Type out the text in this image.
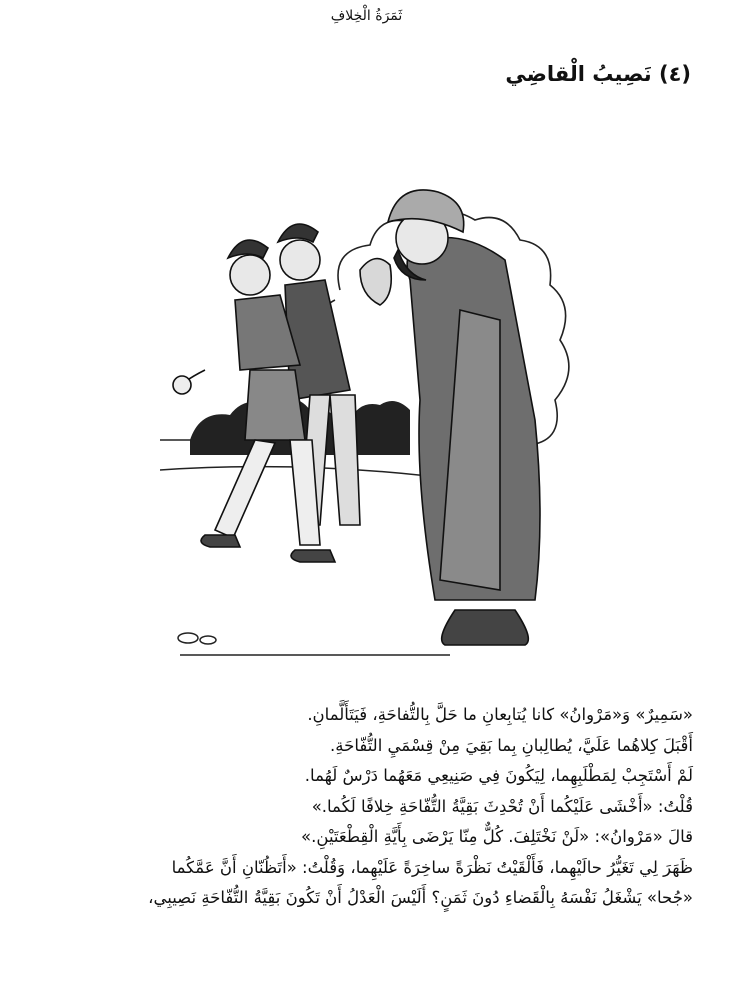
ثَمَرَةُ الْخِلافِ
(٤) نَصِيبُ الْقاضِي

«سَمِيرٌ» وَ«مَرْوانُ» كانا يُتابِعانِ ما حَلَّ بِالتُّفاحَةِ، فَيَتَأَلَّمانِ.

أَقْبَلَ كِلاهُما عَلَيَّ، يُطالِبانِ بِما بَقِيَ مِنْ قِسْمَيِ التُّفّاحَةِ.

لَمْ أَسْتَجِبْ لِمَطْلَبِهِما، لِيَكُونَ فِي صَنِيعِي مَعَهُما دَرْسٌ لَهُما.

قُلْتُ: «أَخْشَى عَلَيْكُما أَنْ تُحْدِثَ بَقِيَّةُ التُّفّاحَةِ خِلافًا لَكُما.»

قالَ «مَرْوانُ»: «لَنْ نَخْتَلِفَ. كُلٌّ مِنّا يَرْضَى بِأَيَّةِ الْقِطْعَتَيْنِ.»

ظَهَرَ لِي تَغَيُّرُ حالَيْهِما، فَأَلْقَيْتُ نَظْرَةً ساخِرَةً عَلَيْهِما، وَقُلْتُ: «أَتَظُنّانِ أَنَّ عَمَّكُما

«جُحا» يَشْغَلُ نَفْسَهُ بِالْقَضاءِ دُونَ ثَمَنٍ؟ أَلَيْسَ الْعَدْلُ أَنْ تَكُونَ بَقِيَّةُ التُّفّاحَةِ نَصِيبِي،
